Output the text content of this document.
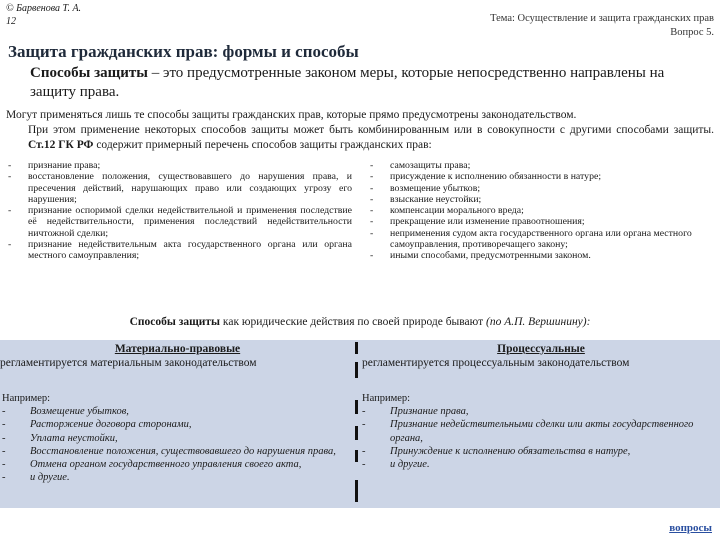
© Барвенова Т. А.
12	Тема: Осуществление и защита гражданских прав
Вопрос 5.
Защита гражданских прав: формы и способы
Способы защиты – это предусмотренные законом меры, которые непосредственно направлены на защиту права.
Могут применяться лишь те способы защиты гражданских прав, которые прямо предусмотрены законодательством.
При этом применение некоторых способов защиты может быть комбинированным или в совокупности с другими способами защиты. Ст.12 ГК РФ содержит примерный перечень способов защиты гражданских прав:
- признание права;
- восстановление положения, существовавшего до нарушения права, и пресечения действий, нарушающих право или создающих угрозу его нарушения;
- признание оспоримой сделки недействительной и применения последствие её недействительности, применения последствий недействительности ничтожной сделки;
- признание недействительным акта государственного органа или органа местного самоуправления;
- самозащиты права;
- присуждение к исполнению обязанности в натуре;
- возмещение убытков;
- взыскание неустойки;
- компенсации морального вреда;
- прекращение или изменение правоотношения;
- неприменения судом акта государственного органа или органа местного самоуправления, противоречащего закону;
- иными способами, предусмотренными законом.
Способы защиты как юридические действия по своей природе бывают (по А.П. Вершинину):
Материально-правовые
регламентируется материальным законодательством
Процессуальные
регламентируется процессуальным законодательством
Например:
- Возмещение убытков,
- Расторжение договора сторонами,
- Уплата неустойки,
- Восстановление положения, существовавшего до нарушения права,
- Отмена органом государственного управления своего акта,
- и другие.
Например:
- Признание права,
- Признание недействительными сделки или акты государственного органа,
- Принуждение к исполнению обязательства в натуре,
- и другие.
вопросы
